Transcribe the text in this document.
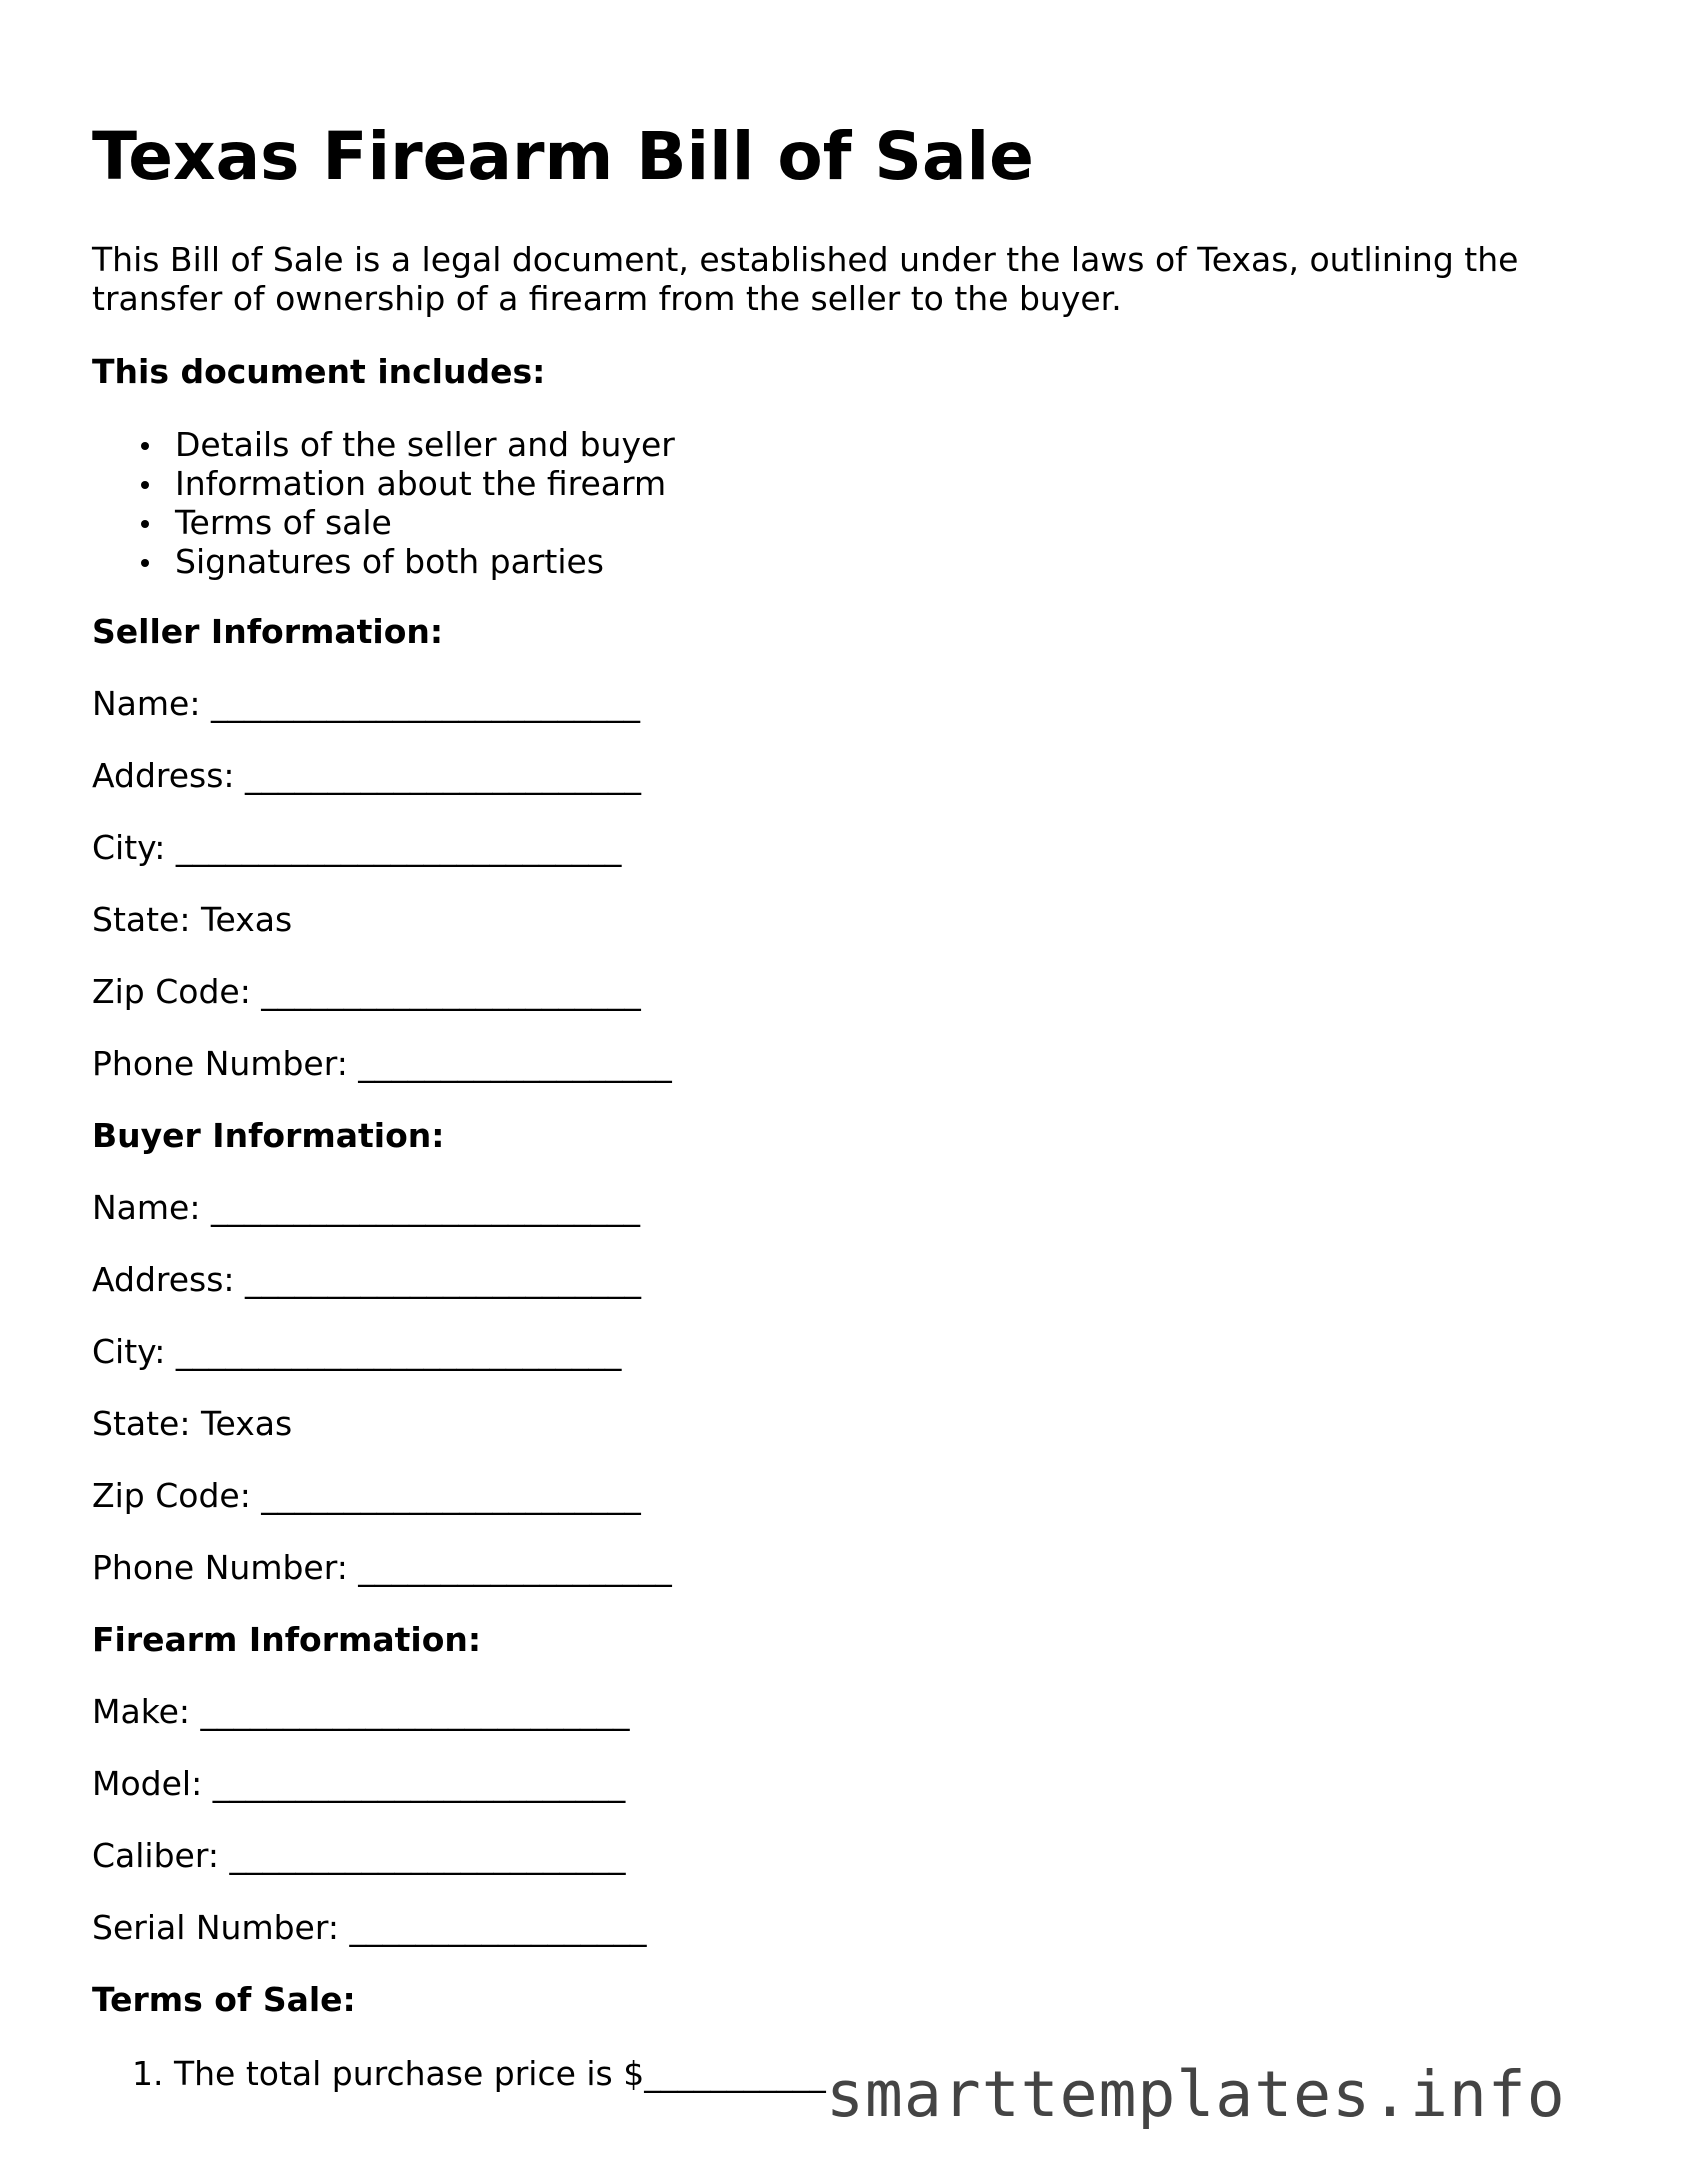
Texas Firearm Bill of Sale

This Bill of Sale is a legal document, established under the laws of Texas, outlining the transfer of ownership of a firearm from the seller to the buyer.

This document includes:
Details of the seller and buyer
Information about the firearm
Terms of sale
Signatures of both parties
Seller Information:
Name: __________________________
Address: ________________________
City: ___________________________
State: Texas
Zip Code: _______________________
Phone Number: ___________________
Buyer Information:
Name: __________________________
Address: ________________________
City: ___________________________
State: Texas
Zip Code: _______________________
Phone Number: ___________________
Firearm Information:
Make: __________________________
Model: _________________________
Caliber: ________________________
Serial Number: __________________
Terms of Sale:
1. The total purchase price is $___________ smarttemplates.info
